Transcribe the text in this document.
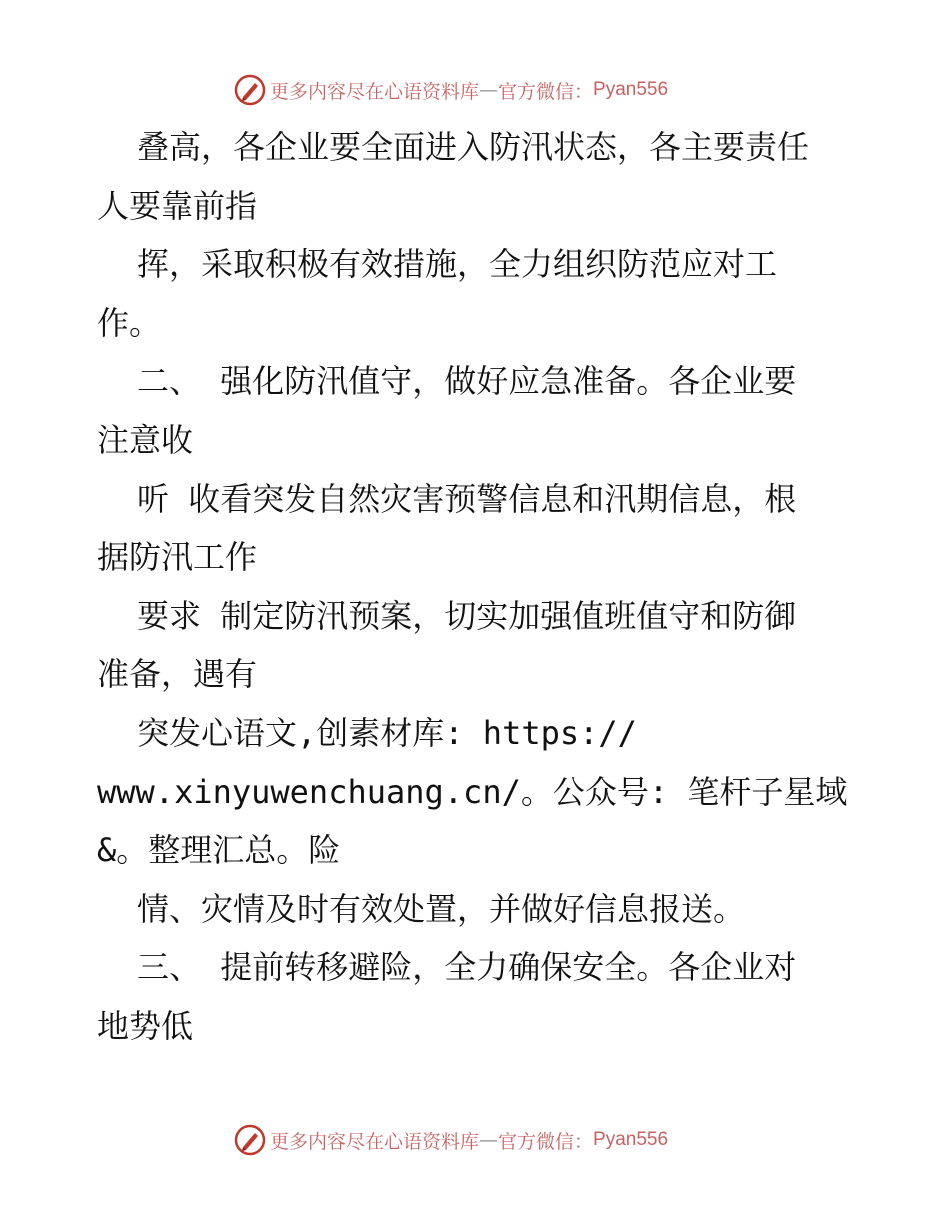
更多内容尽在心语资料库 — 官方微信： Pyan556
叠高，各企业要全面进入防汛状态，各主要责任
人要靠前指
挥，采取积极有效措施，全力组织防范应对工
作。
二、 强化防汛值守，做好应急准备。各企业要
注意收
听 收看突发自然灾害预警信息和汛期信息，根
据防汛工作
要求 制定防汛预案，切实加强值班值守和防御
准备，遇有
突发心语文,创素材库: https://
www.xinyuwenchuang.cn/。公众号: 笔杆子星域
&。整理汇总。险
情、灾情及时有效处置，并做好信息报送。
三、 提前转移避险，全力确保安全。各企业对
地势低
更多内容尽在心语资料库 — 官方微信： Pyan556
